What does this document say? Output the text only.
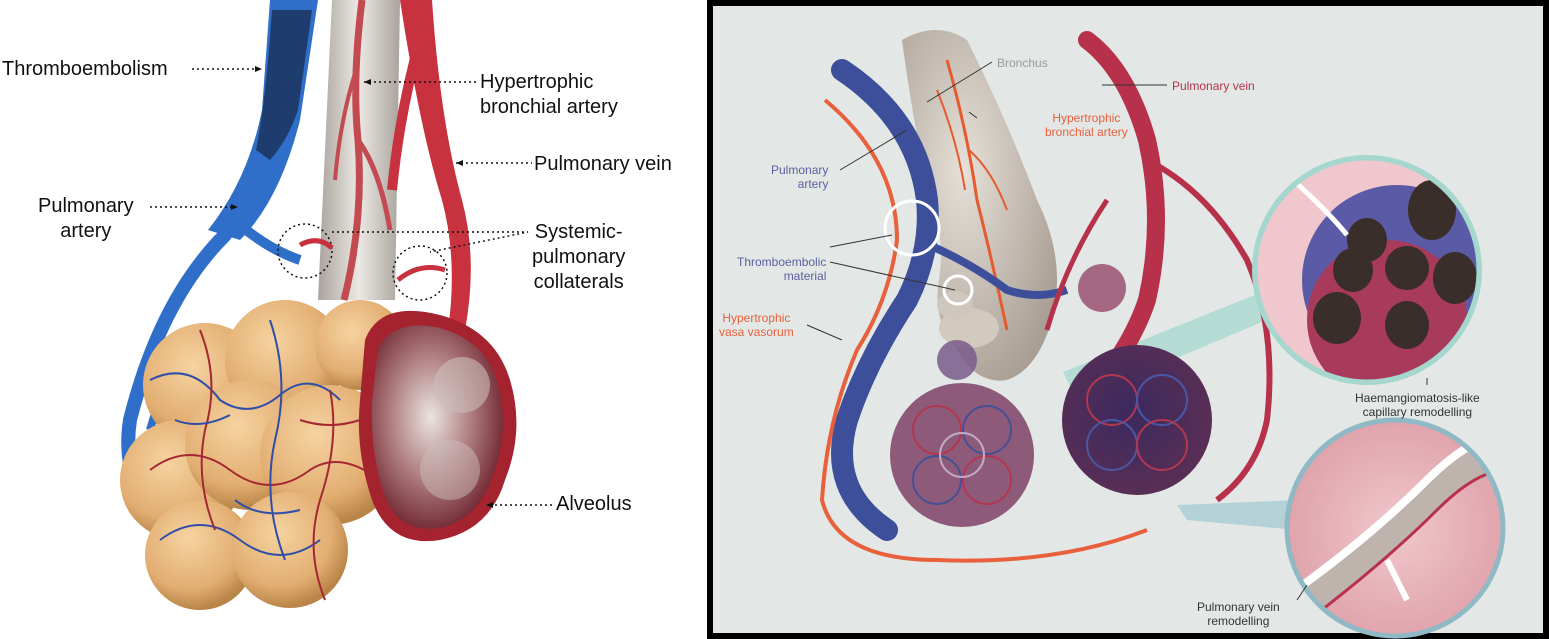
Thromboembolism
Hypertrophic
bronchial artery
Pulmonary vein
Pulmonary
artery	Systemic-
pulmonary
collaterals
Alveolus
Bronchus
Pulmonary vein
Hypertrophic
bronchial artery
Pulmonary
artery
Thromboembolic
material
Hypertrophic
vasa vasorum
Haemangiomatosis-like
capillary remodelling
Pulmonary vein
remodelling
